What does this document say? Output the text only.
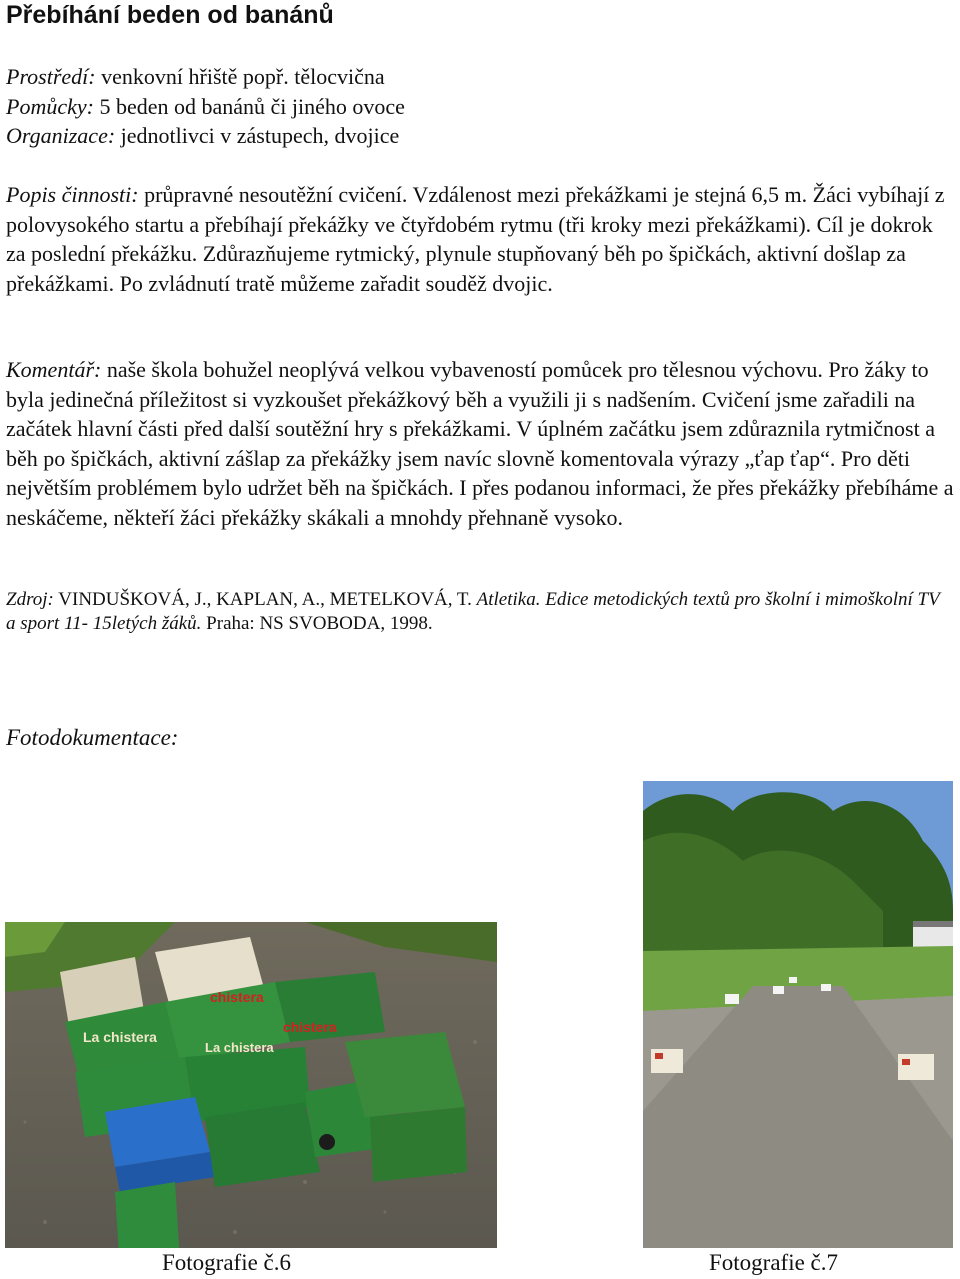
Přebíhání beden od banánů
Prostředí: venkovní hřiště popř. tělocvična
Pomůcky: 5 beden od banánů či jiného ovoce
Organizace: jednotlivci v zástupech, dvojice

Popis činnosti: průpravné nesoutěžní cvičení. Vzdálenost mezi překážkami je stejná 6,5 m. Žáci vybíhají z polovysokého startu a přebíhají překážky ve čtyřdobém rytmu (tři kroky mezi překážkami). Cíl je dokrok za poslední překážku. Zdůrazňujeme rytmický, plynule stupňovaný běh po špičkách, aktivní došlap za překážkami. Po zvládnutí tratě můžeme zařadit souděž dvojic.

Komentář: naše škola bohužel neoplývá velkou vybaveností pomůcek pro tělesnou výchovu. Pro žáky to byla jedinečná příležitost si vyzkoušet překážkový běh a využili ji s nadšením. Cvičení jsme zařadili na začátek hlavní části před další soutěžní hry s překážkami. V úplném začátku jsem zdůraznila rytmičnost a běh po špičkách, aktivní zášlap za překážky jsem navíc slovně komentovala výrazy „ťap ťap“. Pro děti největším problémem bylo udržet běh na špičkách. I přes podanou informaci, že přes překážky přebíháme a neskáčeme, někteří žáci překážky skákali a mnohdy přehnaně vysoko.

Zdroj: VINDUŠKOVÁ, J., KAPLAN, A., METELKOVÁ, T. Atletika. Edice metodických textů pro školní i mimoškolní TV a sport 11- 15letých žáků. Praha: NS SVOBODA, 1998.

Fotodokumentace:
La chistera
chistera
chistera
La chistera
Fotografie č.6	Fotografie č.7
